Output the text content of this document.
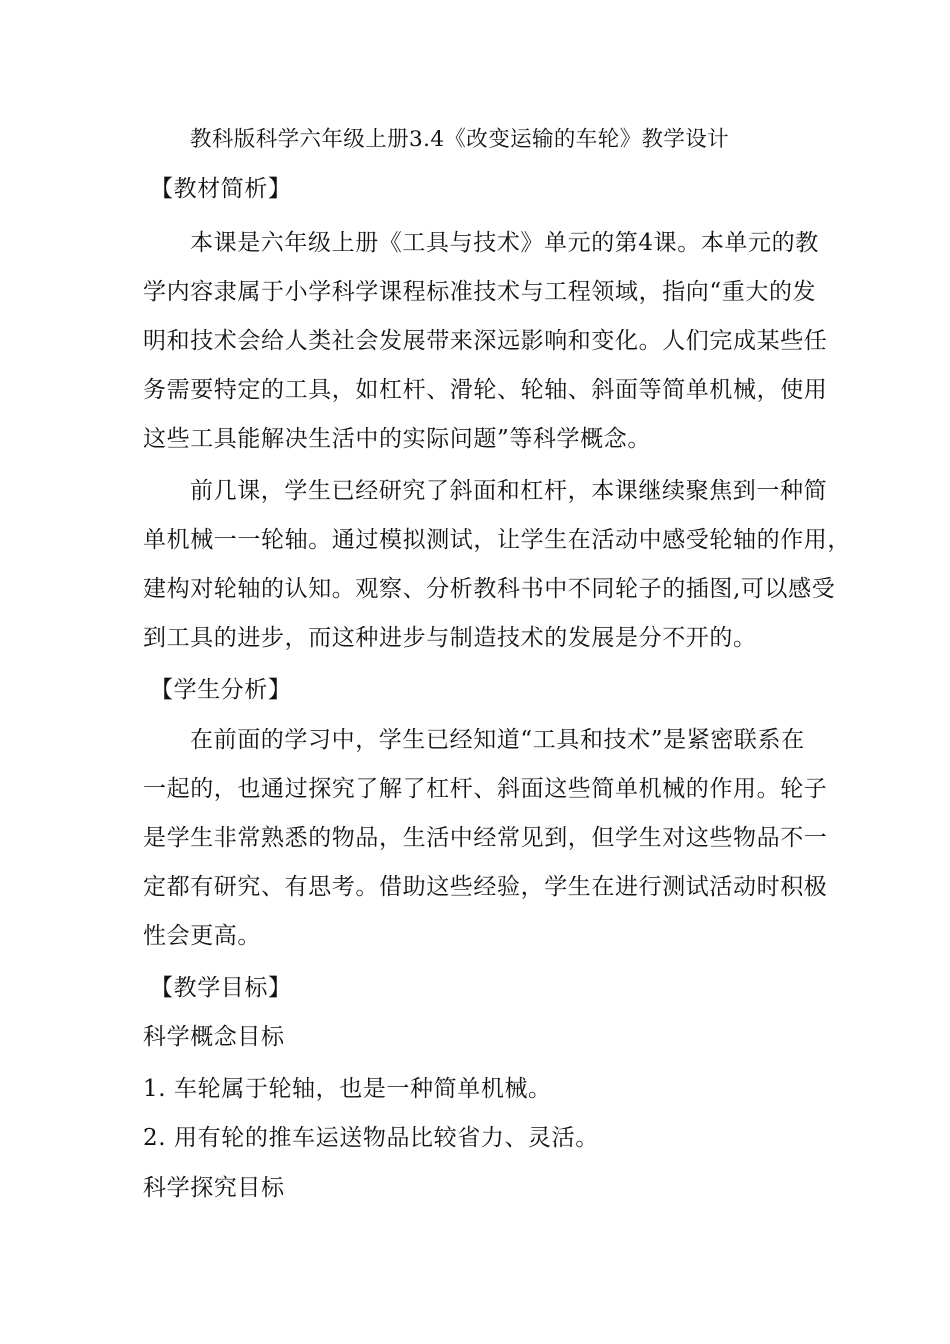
教科版科学六年级上册3.4《改变运输的车轮》教学设计
【教材简析】
本课是六年级上册《工具与技术》单元的第4课。本单元的教
学内容隶属于小学科学课程标准技术与工程领域，指向“重大的发
明和技术会给人类社会发展带来深远影响和变化。人们完成某些任
务需要特定的工具，如杠杆、滑轮、轮轴、斜面等简单机械，使用
这些工具能解决生活中的实际问题”等科学概念。
前几课，学生已经研究了斜面和杠杆，本课继续聚焦到一种简
单机械一一轮轴。通过模拟测试，让学生在活动中感受轮轴的作用，
建构对轮轴的认知。观察、分析教科书中不同轮子的插图,可以感受
到工具的进步，而这种进步与制造技术的发展是分不开的。
【学生分析】
在前面的学习中，学生已经知道“工具和技术”是紧密联系在
一起的，也通过探究了解了杠杆、斜面这些简单机械的作用。轮子
是学生非常熟悉的物品，生活中经常见到，但学生对这些物品不一
定都有研究、有思考。借助这些经验，学生在进行测试活动时积极
性会更高。
【教学目标】
科学概念目标
1. 车轮属于轮轴，也是一种简单机械。
2. 用有轮的推车运送物品比较省力、灵活。
科学探究目标
